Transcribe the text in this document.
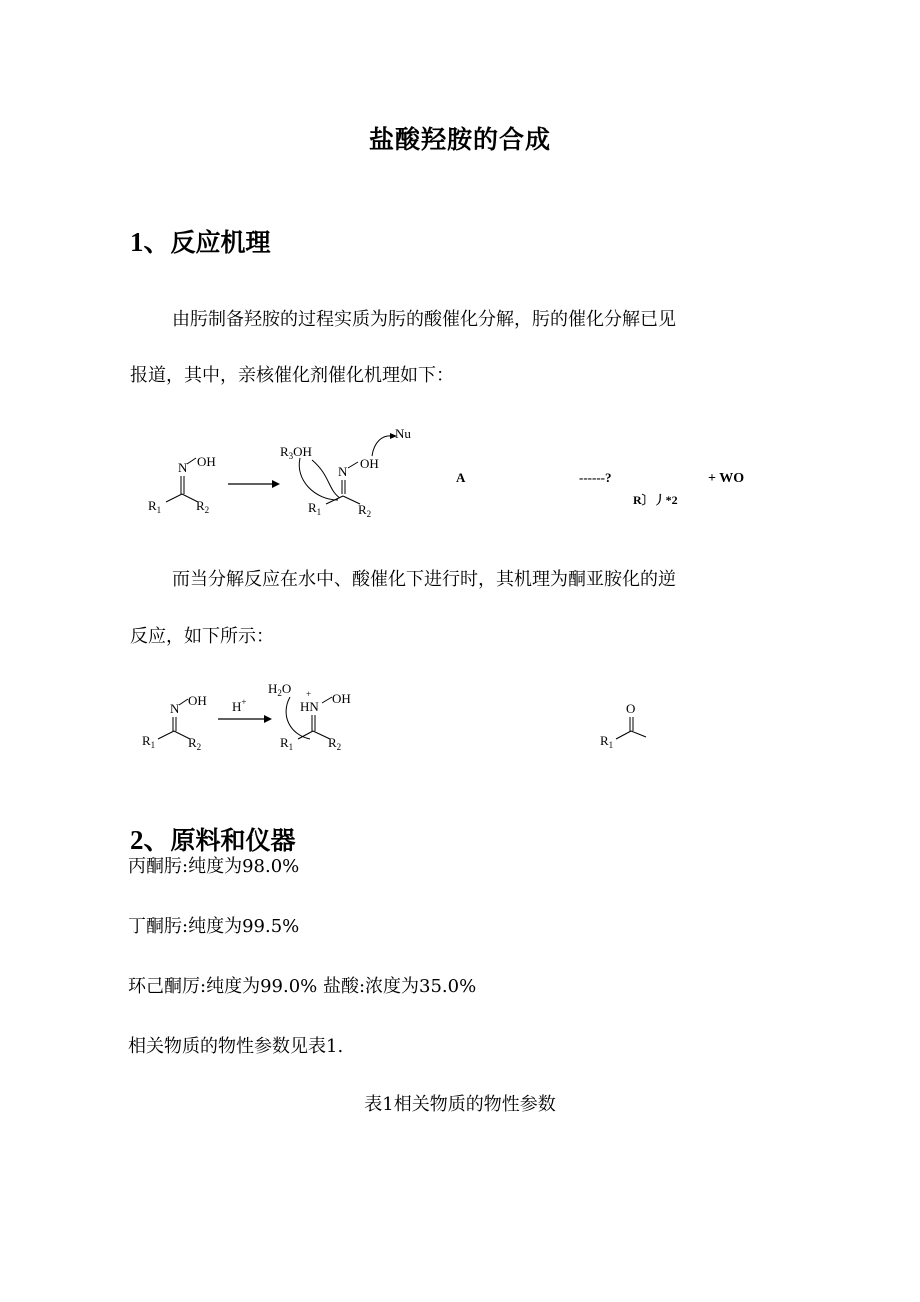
盐酸羟胺的合成
1、反应机理
由肟制备羟胺的过程实质为肟的酸催化分解，肟的催化分解已见
报道，其中，亲核催化剂催化机理如下：
N OH
$R_1$	$R_2$
$R_3OH$
N
OH
Nu
$R_1$	$R_2$
A	------?	+ WO
R〕丿*2
而当分解反应在水中、酸催化下进行时，其机理为酮亚胺化的逆
反应，如下所示：
N
OH
$R_1$	$R_2$
H+
$H_2O$ +
HN
OH
$R_1$	$R_2$
O
$R_1$
2、原料和仪器
丙酮肟:纯度为98.0%
丁酮肟:纯度为99.5%
环己酮厉:纯度为99.0% 盐酸:浓度为35.0%
相关物质的物性参数见表1.
表1相关物质的物性参数
